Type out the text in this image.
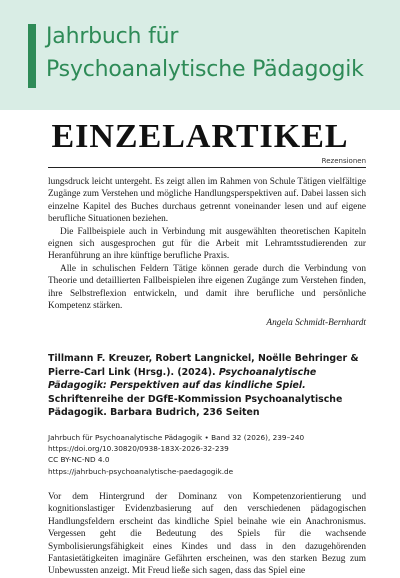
Jahrbuch für
Psychoanalytische Pädagogik
EINZELARTIKEL
Rezensionen

lungsdruck leicht untergeht. Es zeigt allen im Rahmen von Schule Tätigen vielfältige Zugänge zum Verstehen und mögliche Handlungsperspektiven auf. Dabei lassen sich einzelne Kapitel des Buches durchaus getrennt voneinander lesen und auf eigene berufliche Situationen beziehen.

Die Fallbeispiele auch in Verbindung mit ausgewählten theoretischen Kapiteln eignen sich ausgesprochen gut für die Arbeit mit Lehramtsstudierenden zur Heranführung an ihre künftige berufliche Praxis.

Alle in schulischen Feldern Tätige können gerade durch die Verbindung von Theorie und detaillierten Fallbeispielen ihre eigenen Zugänge zum Verstehen finden, ihre Selbstreflexion entwickeln, und damit ihre berufliche und persönliche Kompetenz stärken.

Angela Schmidt-Bernhardt
Tillmann F. Kreuzer, Robert Langnickel, Noëlle Behringer & Pierre-Carl Link (Hrsg.). (2024). Psychoanalytische Pädagogik: Perspektiven auf das kindliche Spiel. Schriftenreihe der DGfE-Kommission Psychoanalytische Pädagogik. Barbara Budrich, 236 Seiten
Jahrbuch für Psychoanalytische Pädagogik • Band 32 (2026), 239–240
https://doi.org/10.30820/0938-183X-2026-32-239
CC BY-NC-ND 4.0
https://jahrbuch-psychoanalytische-paedagogik.de

Vor dem Hintergrund der Dominanz von Kompetenzorientierung und kognitionslastiger Evidenzbasierung auf den verschiedenen pädagogischen Handlungsfeldern erscheint das kindliche Spiel beinahe wie ein Anachronismus. Vergessen geht die Bedeutung des Spiels für die wachsende Symbolisierungsfähigkeit eines Kindes und dass in den dazugehörenden Fantasietätigkeiten imaginäre Gefährten erscheinen, was den starken Bezug zum Unbewussten anzeigt. Mit Freud ließe sich sagen, dass das Spiel eine
